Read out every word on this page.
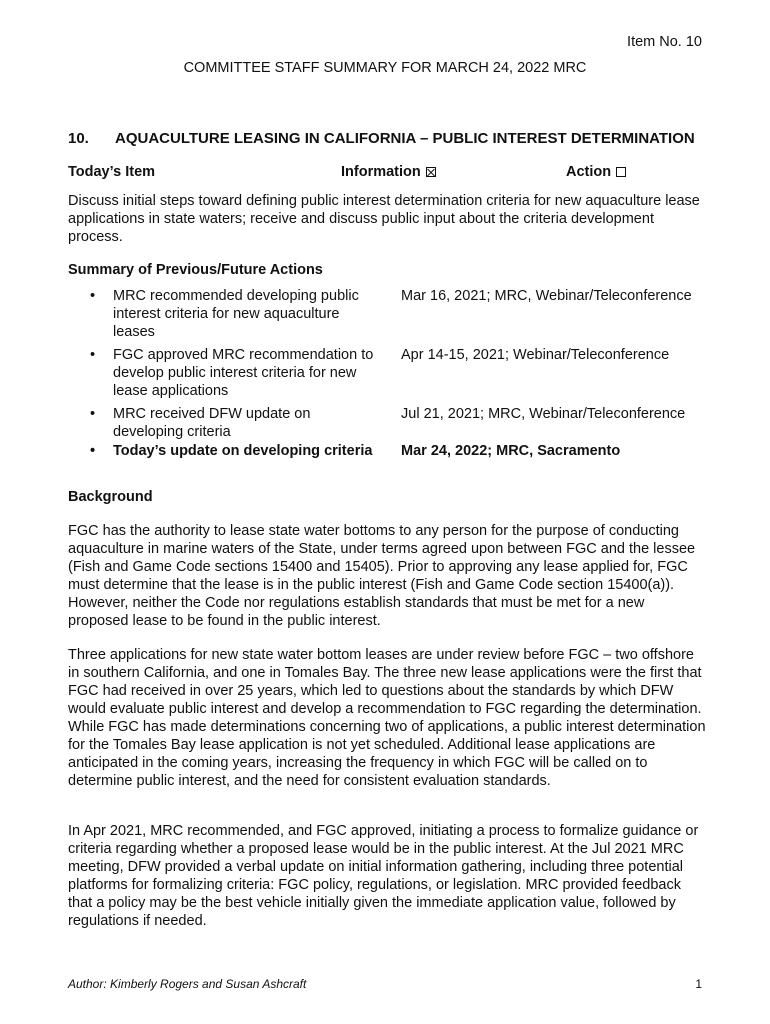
Item No. 10
COMMITTEE STAFF SUMMARY FOR MARCH 24, 2022 MRC
10. AQUACULTURE LEASING IN CALIFORNIA – PUBLIC INTEREST DETERMINATION
Today’s Item	Information	Action
Discuss initial steps toward defining public interest determination criteria for new aquaculture lease applications in state waters; receive and discuss public input about the criteria development process.
Summary of Previous/Future Actions
• MRC recommended developing public interest criteria for new aquaculture leases
Mar 16, 2021; MRC, Webinar/Teleconference
• FGC approved MRC recommendation to develop public interest criteria for new lease applications
Apr 14-15, 2021; Webinar/Teleconference
• MRC received DFW update on developing criteria
Jul 21, 2021; MRC, Webinar/Teleconference
• Today’s update on developing criteria	Mar 24, 2022; MRC, Sacramento
Background
FGC has the authority to lease state water bottoms to any person for the purpose of conducting aquaculture in marine waters of the State, under terms agreed upon between FGC and the lessee (Fish and Game Code sections 15400 and 15405). Prior to approving any lease applied for, FGC must determine that the lease is in the public interest (Fish and Game Code section 15400(a)). However, neither the Code nor regulations establish standards that must be met for a new proposed lease to be found in the public interest.
Three applications for new state water bottom leases are under review before FGC – two offshore in southern California, and one in Tomales Bay. The three new lease applications were the first that FGC had received in over 25 years, which led to questions about the standards by which DFW would evaluate public interest and develop a recommendation to FGC regarding the determination. While FGC has made determinations concerning two of applications, a public interest determination for the Tomales Bay lease application is not yet scheduled. Additional lease applications are anticipated in the coming years, increasing the frequency in which FGC will be called on to determine public interest, and the need for consistent evaluation standards.
In Apr 2021, MRC recommended, and FGC approved, initiating a process to formalize guidance or criteria regarding whether a proposed lease would be in the public interest. At the Jul 2021 MRC meeting, DFW provided a verbal update on initial information gathering, including three potential platforms for formalizing criteria: FGC policy, regulations, or legislation. MRC provided feedback that a policy may be the best vehicle initially given the immediate application value, followed by regulations if needed.
Author: Kimberly Rogers and Susan Ashcraft	1
